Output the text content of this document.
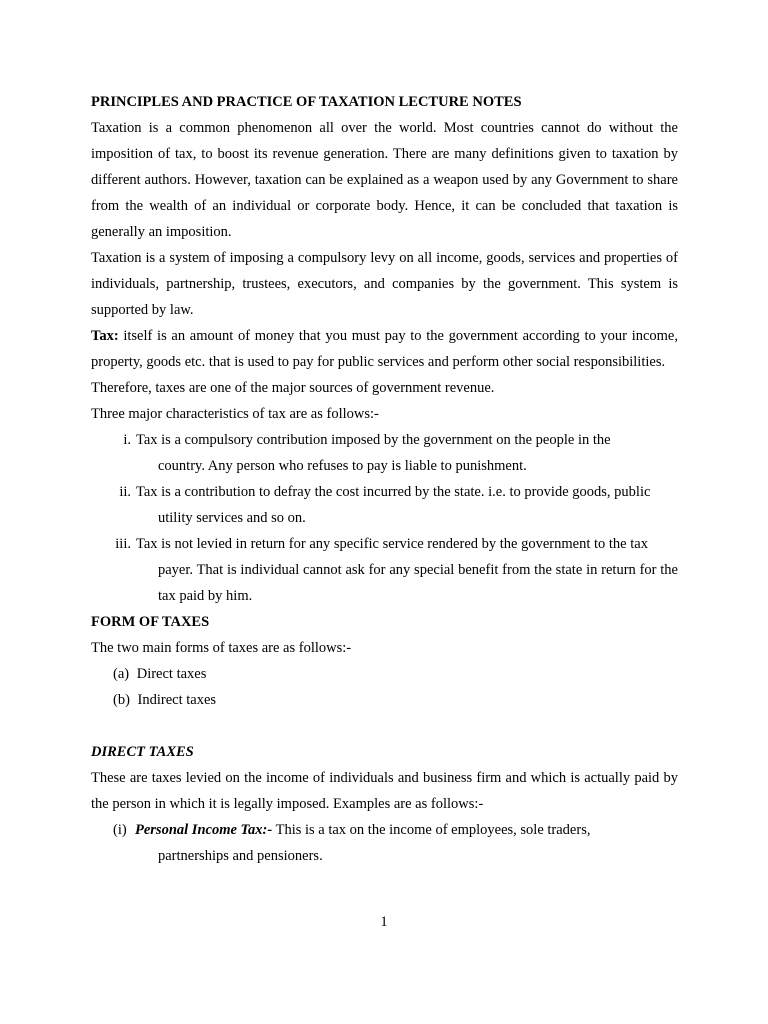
PRINCIPLES AND PRACTICE OF TAXATION LECTURE NOTES

Taxation is a common phenomenon all over the world. Most countries cannot do without the imposition of tax, to boost its revenue generation. There are many definitions given to taxation by different authors. However, taxation can be explained as a weapon used by any Government to share from the wealth of an individual or corporate body. Hence, it can be concluded that taxation is generally an imposition.

Taxation is a system of imposing a compulsory levy on all income, goods, services and properties of individuals, partnership, trustees, executors, and companies by the government. This system is supported by law.

Tax: itself is an amount of money that you must pay to the government according to your income, property, goods etc. that is used to pay for public services and perform other social responsibilities.

Therefore, taxes are one of the major sources of government revenue.

Three major characteristics of tax are as follows:-

i. Tax is a compulsory contribution imposed by the government on the people in the
country. Any person who refuses to pay is liable to punishment.
ii. Tax is a contribution to defray the cost incurred by the state. i.e. to provide goods, public
utility services and so on.
iii. Tax is not levied in return for any specific service rendered by the government to the tax
payer. That is individual cannot ask for any special benefit from the state in return for the tax paid by him.

FORM OF TAXES

The two main forms of taxes are as follows:-

(a) Direct taxes
(b) Indirect taxes

DIRECT TAXES

These are taxes levied on the income of individuals and business firm and which is actually paid by the person in which it is legally imposed. Examples are as follows:-

(i) Personal Income Tax:- This is a tax on the income of employees, sole traders,
partnerships and pensioners.
1
